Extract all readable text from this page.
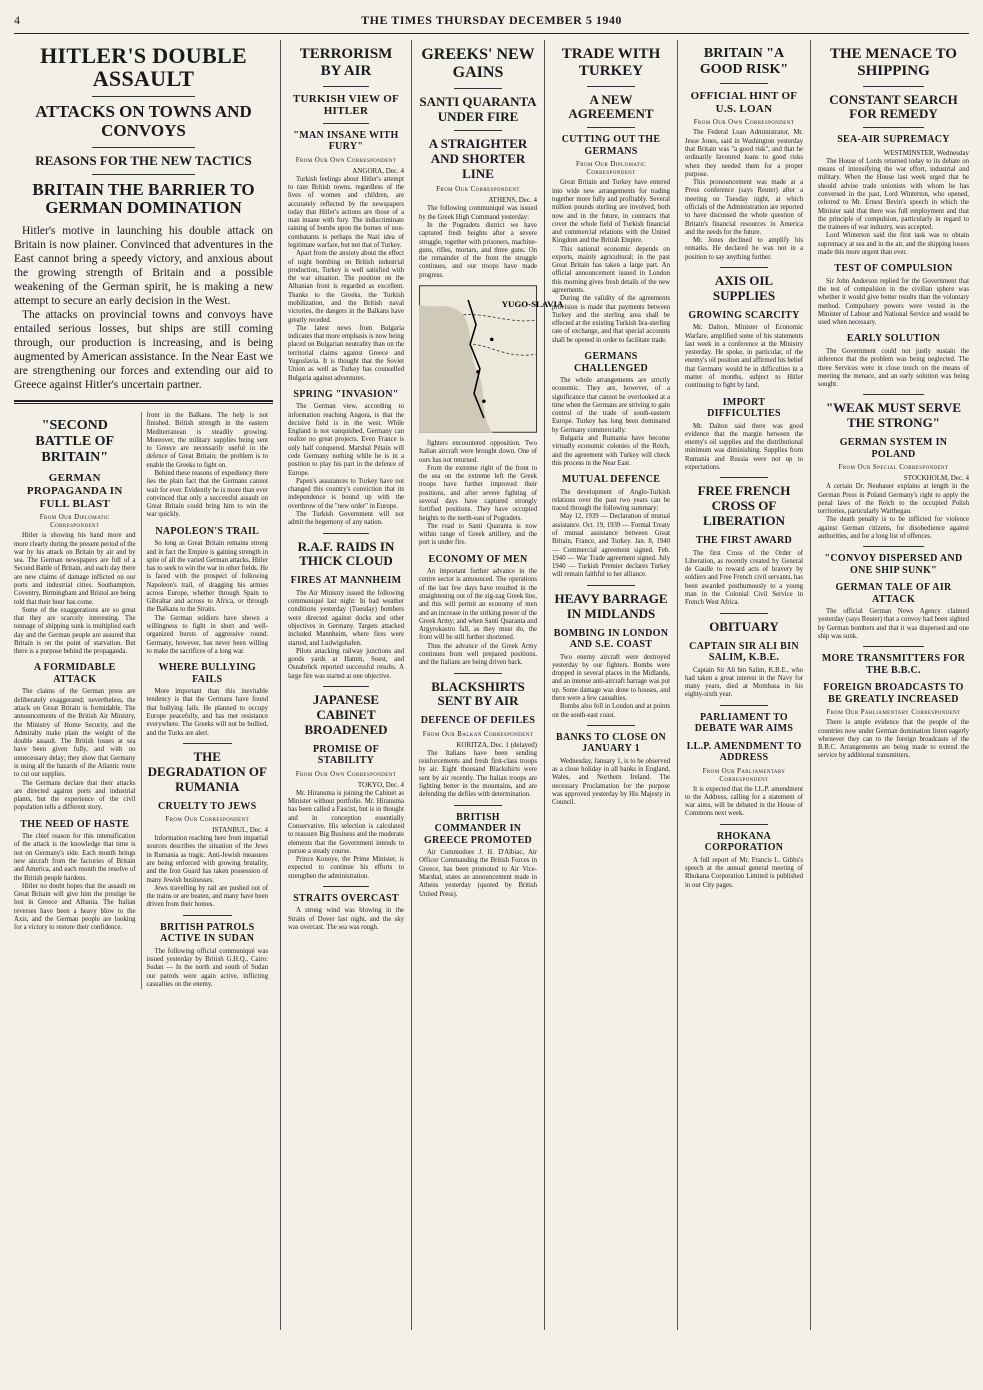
4	THE TIMES THURSDAY DECEMBER 5 1940
HITLER'S DOUBLE ASSAULT
ATTACKS ON TOWNS AND CONVOYS
REASONS FOR THE NEW TACTICS
BRITAIN THE BARRIER TO GERMAN DOMINATION

Hitler's motive in launching his double attack on Britain is now plainer. Convinced that adventures in the East cannot bring a speedy victory, and anxious about the growing strength of Britain and a possible weakening of the German spirit, he is making a new attempt to secure an early decision in the West.

The attacks on provincial towns and convoys have entailed serious losses, but ships are still coming through, our production is increasing, and is being augmented by American assistance. In the Near East we are strengthening our forces and extending our aid to Greece against Hitler's uncertain partner.

"SECOND BATTLE OF BRITAIN"
GERMAN PROPAGANDA IN FULL BLAST
From Our Diplomatic Correspondent

Hitler is showing his hand more and more clearly during the present period of the war by his attack on Britain by air and by sea. The German newspapers are full of a Second Battle of Britain, and each day there are new claims of damage inflicted on our ports and industrial cities. Southampton, Coventry, Birmingham and Bristol are being told that their hour has come.

Some of the exaggerations are so great that they are scarcely interesting. The tonnage of shipping sunk is multiplied each day and the German people are assured that Britain is on the point of starvation. But there is a purpose behind the propaganda.

A FORMIDABLE ATTACK

The claims of the German press are deliberately exaggerated; nevertheless, the attack on Great Britain is formidable. The announcements of the British Air Ministry, the Ministry of Home Security, and the Admiralty make plain the weight of the double assault. The British losses at sea have been given fully, and with no unnecessary delay; they show that Germany is using all the hazards of the Atlantic route to cut our supplies.

The Germans declare that their attacks are directed against ports and industrial plants, but the experience of the civil population tells a different story.

THE NEED OF HASTE

The chief reason for this intensification of the attack is the knowledge that time is not on Germany's side. Each month brings new aircraft from the factories of Britain and America, and each month the resolve of the British people hardens.

Hitler no doubt hopes that the assault on Great Britain will give him the prestige he lost in Greece and Albania. The Italian reverses have been a heavy blow to the Axis, and the German people are looking for a victory to restore their confidence.

front in the Balkans. The help is not finished. British strength in the eastern Mediterranean is steadily growing. Moreover, the military supplies being sent to Greece are necessarily useful in the defence of Great Britain; the problem is to enable the Greeks to fight on.

Behind these reasons of expediency there lies the plain fact that the Germans cannot wait for ever. Evidently he is more than ever convinced that only a successful assault on Great Britain could bring him to win the war quickly.

NAPOLEON'S TRAIL

So long as Great Britain remains strong and in fact the Empire is gaining strength in spite of all the varied German attacks, Hitler has to seek to win the war in other fields. He is faced with the prospect of following Napoleon's trail, of dragging his armies across Europe, whether through Spain to Gibraltar and across to Africa, or through the Balkans to the Straits.

The German soldiers have shown a willingness to fight in short and well-organized bursts of aggressive round. Germany, however, has never been willing to make the sacrifices of a long war.

WHERE BULLYING FAILS

More important than this inevitable tendency is that the Germans have found that bullying fails. He planned to occupy Europe peacefully, and has met resistance everywhere. The Greeks will not be bullied, and the Turks are alert.

THE DEGRADATION OF RUMANIA
CRUELTY TO JEWS
From Our Correspondent
ISTANBUL, Dec. 4

Information reaching here from impartial sources describes the situation of the Jews in Rumania as tragic. Anti-Jewish measures are being enforced with growing brutality, and the Iron Guard has taken possession of many Jewish businesses.

Jews travelling by rail are pushed out of the trains or are beaten, and many have been driven from their homes.

BRITISH PATROLS ACTIVE IN SUDAN

The following official communiqué was issued yesterday by British G.H.Q., Cairo: Sudan — In the north and south of Sudan our patrols were again active, inflicting casualties on the enemy.

TERRORISM BY AIR
TURKISH VIEW OF HITLER
"MAN INSANE WITH FURY"
From Our Own Correspondent
ANGORA, Dec. 4

Turkish feelings about Hitler's attempt to raze British towns, regardless of the lives of women and children, are accurately reflected by the newspapers today that Hitler's actions are those of a man insane with fury. The indiscriminate raining of bombs upon the homes of non-combatants is perhaps the Nazi idea of legitimate warfare, but not that of Turkey.

Apart from the anxiety about the effect of night bombing on British industrial production, Turkey is well satisfied with the war situation. The position on the Albanian front is regarded as excellent. Thanks to the Greeks, the Turkish mobilization, and the British naval victories, the dangers in the Balkans have greatly receded.

The latest news from Bulgaria indicates that more emphasis is now being placed on Bulgarian neutrality than on the territorial claims against Greece and Yugoslavia. It is thought that the Soviet Union as well as Turkey has counselled Bulgaria against adventures.

SPRING "INVASION"

The German view, according to information reaching Angora, is that the decisive field is in the west. While England is not vanquished, Germany can realize no great projects. Even France is only half conquered. Marshal Pétain will cede Germany nothing while he is in a position to play his part in the defence of Europe.

Papen's assurances to Turkey have not changed this country's conviction that its independence is bound up with the overthrow of the "new order" in Europe.

The Turkish Government will not admit the hegemony of any nation.

R.A.F. RAIDS IN THICK CLOUD
FIRES AT MANNHEIM

The Air Ministry issued the following communiqué last night: In bad weather conditions yesterday (Tuesday) bombers were directed against docks and other objectives in Germany. Targets attacked included Mannheim, where fires were started, and Ludwigshafen.

Pilots attacking railway junctions and goods yards at Hamm, Soest, and Osnabrück reported successful results. A large fire was started at one objective.

JAPANESE CABINET BROADENED
PROMISE OF STABILITY
From Our Own Correspondent
TOKYO, Dec. 4

Mr. Hiranuma is joining the Cabinet as Minister without portfolio. Mr. Hiranuma has been called a Fascist, but is in thought and in conception essentially Conservative. His selection is calculated to reassure Big Business and the moderate elements that the Government intends to pursue a steady course.

Prince Konoye, the Prime Minister, is expected to continue his efforts to strengthen the administration.

STRAITS OVERCAST

A strong wind was blowing in the Straits of Dover last night, and the sky was overcast. The sea was rough.

GREEKS' NEW GAINS
SANTI QUARANTA UNDER FIRE
A STRAIGHTER AND SHORTER LINE
From Our Correspondent
ATHENS, Dec. 4

The following communiqué was issued by the Greek High Command yesterday:

In the Pogradets district we have captured fresh heights after a severe struggle, together with prisoners, machine-guns, rifles, mortars, and three guns. On the remainder of the front the struggle continues, and our troops have made progress.

YUGO-SLAVIA

fighters encountered opposition. Two Italian aircraft were brought down. One of ours has not returned.

From the extreme right of the front to the sea on the extreme left the Greek troops have further improved their positions, and after severe fighting of several days have captured strongly fortified positions. They have occupied heights to the north-east of Pogradets.

The road to Santi Quaranta is now within range of Greek artillery, and the port is under fire.

ECONOMY OF MEN

An important further advance in the centre sector is announced. The operations of the last few days have resulted in the straightening out of the zig-zag Greek line, and this will permit an economy of men and an increase in the striking power of the Greek Army; and when Santi Quaranta and Argyrokastro fall, as they must do, the front will be still further shortened.

Thus the advance of the Greek Army continues from well prepared positions, and the Italians are being driven back.

BLACKSHIRTS SENT BY AIR
DEFENCE OF DEFILES
From Our Balkan Correspondent
KORITZA, Dec. 1 (delayed)

The Italians have been sending reinforcements and fresh first-class troops by air. Eight thousand Blackshirts were sent by air recently. The Italian troops are fighting better in the mountains, and are defending the defiles with determination.

BRITISH COMMANDER IN GREECE PROMOTED

Air Commodore J. H. D'Albiac, Air Officer Commanding the British Forces in Greece, has been promoted to Air Vice-Marshal, states an announcement made in Athens yesterday (quoted by British United Press).

TRADE WITH TURKEY
A NEW AGREEMENT
CUTTING OUT THE GERMANS
From Our Diplomatic Correspondent

Great Britain and Turkey have entered into wide new arrangements for trading together more fully and profitably. Several million pounds sterling are involved, both now and in the future, in contracts that cover the whole field of Turkish financial and commercial relations with the United Kingdom and the British Empire.

This national economic depends on exports, mainly agricultural; in the past Great Britain has taken a large part. An official announcement issued in London this morning gives fresh details of the new agreements.

During the validity of the agreements provision is made that payments between Turkey and the sterling area shall be effected at the existing Turkish lira-sterling rate of exchange, and that special accounts shall be opened in order to facilitate trade.

GERMANS CHALLENGED

The whole arrangements are strictly economic. They are, however, of a significance that cannot be overlooked at a time when the Germans are striving to gain control of the trade of south-eastern Europe. Turkey has long been dominated by Germany commercially.

Bulgaria and Rumania have become virtually economic colonies of the Reich, and the agreement with Turkey will check this process in the Near East.

MUTUAL DEFENCE

The development of Anglo-Turkish relations over the past two years can be traced through the following summary:

May 12, 1939 — Declaration of mutual assistance. Oct. 19, 1939 — Formal Treaty of mutual assistance between Great Britain, France, and Turkey. Jan. 8, 1940 — Commercial agreement signed. Feb. 1940 — War Trade agreement signed. July 1940 — Turkish Premier declares Turkey will remain faithful to her alliance.

HEAVY BARRAGE IN MIDLANDS
BOMBING IN LONDON AND S.E. COAST

Two enemy aircraft were destroyed yesterday by our fighters. Bombs were dropped in several places in the Midlands, and an intense anti-aircraft barrage was put up. Some damage was done to houses, and there were a few casualties.

Bombs also fell in London and at points on the south-east coast.

BANKS TO CLOSE ON JANUARY 1

Wednesday, January 1, is to be observed as a close holiday in all banks in England, Wales, and Northern Ireland. The necessary Proclamation for the purpose was approved yesterday by His Majesty in Council.

BRITAIN "A GOOD RISK"
OFFICIAL HINT OF U.S. LOAN
From Our Own Correspondent

The Federal Loan Administrator, Mr. Jesse Jones, said in Washington yesterday that Britain was "a good risk", and that he ordinarily favoured loans to good risks when they needed them for a proper purpose.

This pronouncement was made at a Press conference (says Reuter) after a meeting on Tuesday night, at which officials of the Administration are reported to have discussed the whole question of Britain's financial resources in America and the needs for the future.

Mr. Jones declined to amplify his remarks. He declared he was not in a position to say anything further.

AXIS OIL SUPPLIES
GROWING SCARCITY

Mr. Dalton, Minister of Economic Warfare, amplified some of his statements last week in a conference at the Ministry yesterday. He spoke, in particular, of the enemy's oil position and affirmed his belief that Germany would be in difficulties in a matter of months, subject to Hitler continuing to fight by land.

IMPORT DIFFICULTIES

Mr. Dalton said there was good evidence that the margin between the enemy's oil supplies and the distributional minimum was diminishing. Supplies from Rumania and Russia were not up to expectations.

FREE FRENCH CROSS OF LIBERATION
THE FIRST AWARD

The first Cross of the Order of Liberation, as recently created by General de Gaulle to reward acts of bravery by soldiers and Free French civil servants, has been awarded posthumously to a young man in the Colonial Civil Service in French West Africa.

OBITUARY
CAPTAIN SIR ALI BIN SALIM, K.B.E.

Captain Sir Ali bin Salim, K.B.E., who had taken a great interest in the Navy for many years, died at Mombasa in his eighty-sixth year.

PARLIAMENT TO DEBATE WAR AIMS
I.L.P. AMENDMENT TO ADDRESS
From Our Parliamentary Correspondent

It is expected that the I.L.P. amendment to the Address, calling for a statement of war aims, will be debated in the House of Commons next week.

RHOKANA CORPORATION

A full report of Mr. Francis L. Gibbs's speech at the annual general meeting of Rhokana Corporation Limited is published in our City pages.

THE MENACE TO SHIPPING
CONSTANT SEARCH FOR REMEDY
SEA-AIR SUPREMACY
WESTMINSTER, Wednesday

The House of Lords returned today to its debate on means of intensifying the war effort, industrial and military. When the House last week urged that he should advise trade unionists with whom he has conversed in the past, Lord Winterton, who opened, referred to Mr. Ernest Bevin's speech in which the Minister said that there was full employment and that the principle of compulsion, particularly in regard to the trainees of war industry, was accepted.

Lord Winterton said the first task was to obtain supremacy at sea and in the air, and the shipping losses made this more urgent than ever.

TEST OF COMPULSION

Sir John Anderson replied for the Government that the test of compulsion in the civilian sphere was whether it would give better results than the voluntary method. Compulsory powers were vested in the Minister of Labour and National Service and would be used when necessary.

EARLY SOLUTION

The Government could not justly sustain the inference that the problem was being neglected. The three Services were in close touch on the means of meeting the menace, and an early solution was being sought.

"WEAK MUST SERVE THE STRONG"
GERMAN SYSTEM IN POLAND
From Our Special Correspondent
STOCKHOLM, Dec. 4

A certain Dr. Neubauer explains at length in the German Press in Poland Germany's right to apply the penal laws of the Reich to the occupied Polish territories, particularly Warthegau.

The death penalty is to be inflicted for violence against German citizens, for disobedience against authorities, and for a long list of offences.

"CONVOY DISPERSED AND ONE SHIP SUNK"
GERMAN TALE OF AIR ATTACK

The official German News Agency claimed yesterday (says Reuter) that a convoy had been sighted by German bombers and that it was dispersed and one ship was sunk.

MORE TRANSMITTERS FOR THE B.B.C.
FOREIGN BROADCASTS TO BE GREATLY INCREASED
From Our Parliamentary Correspondent

There is ample evidence that the people of the countries now under German domination listen eagerly whenever they can to the foreign broadcasts of the B.B.C. Arrangements are being made to extend the service by additional transmitters.
